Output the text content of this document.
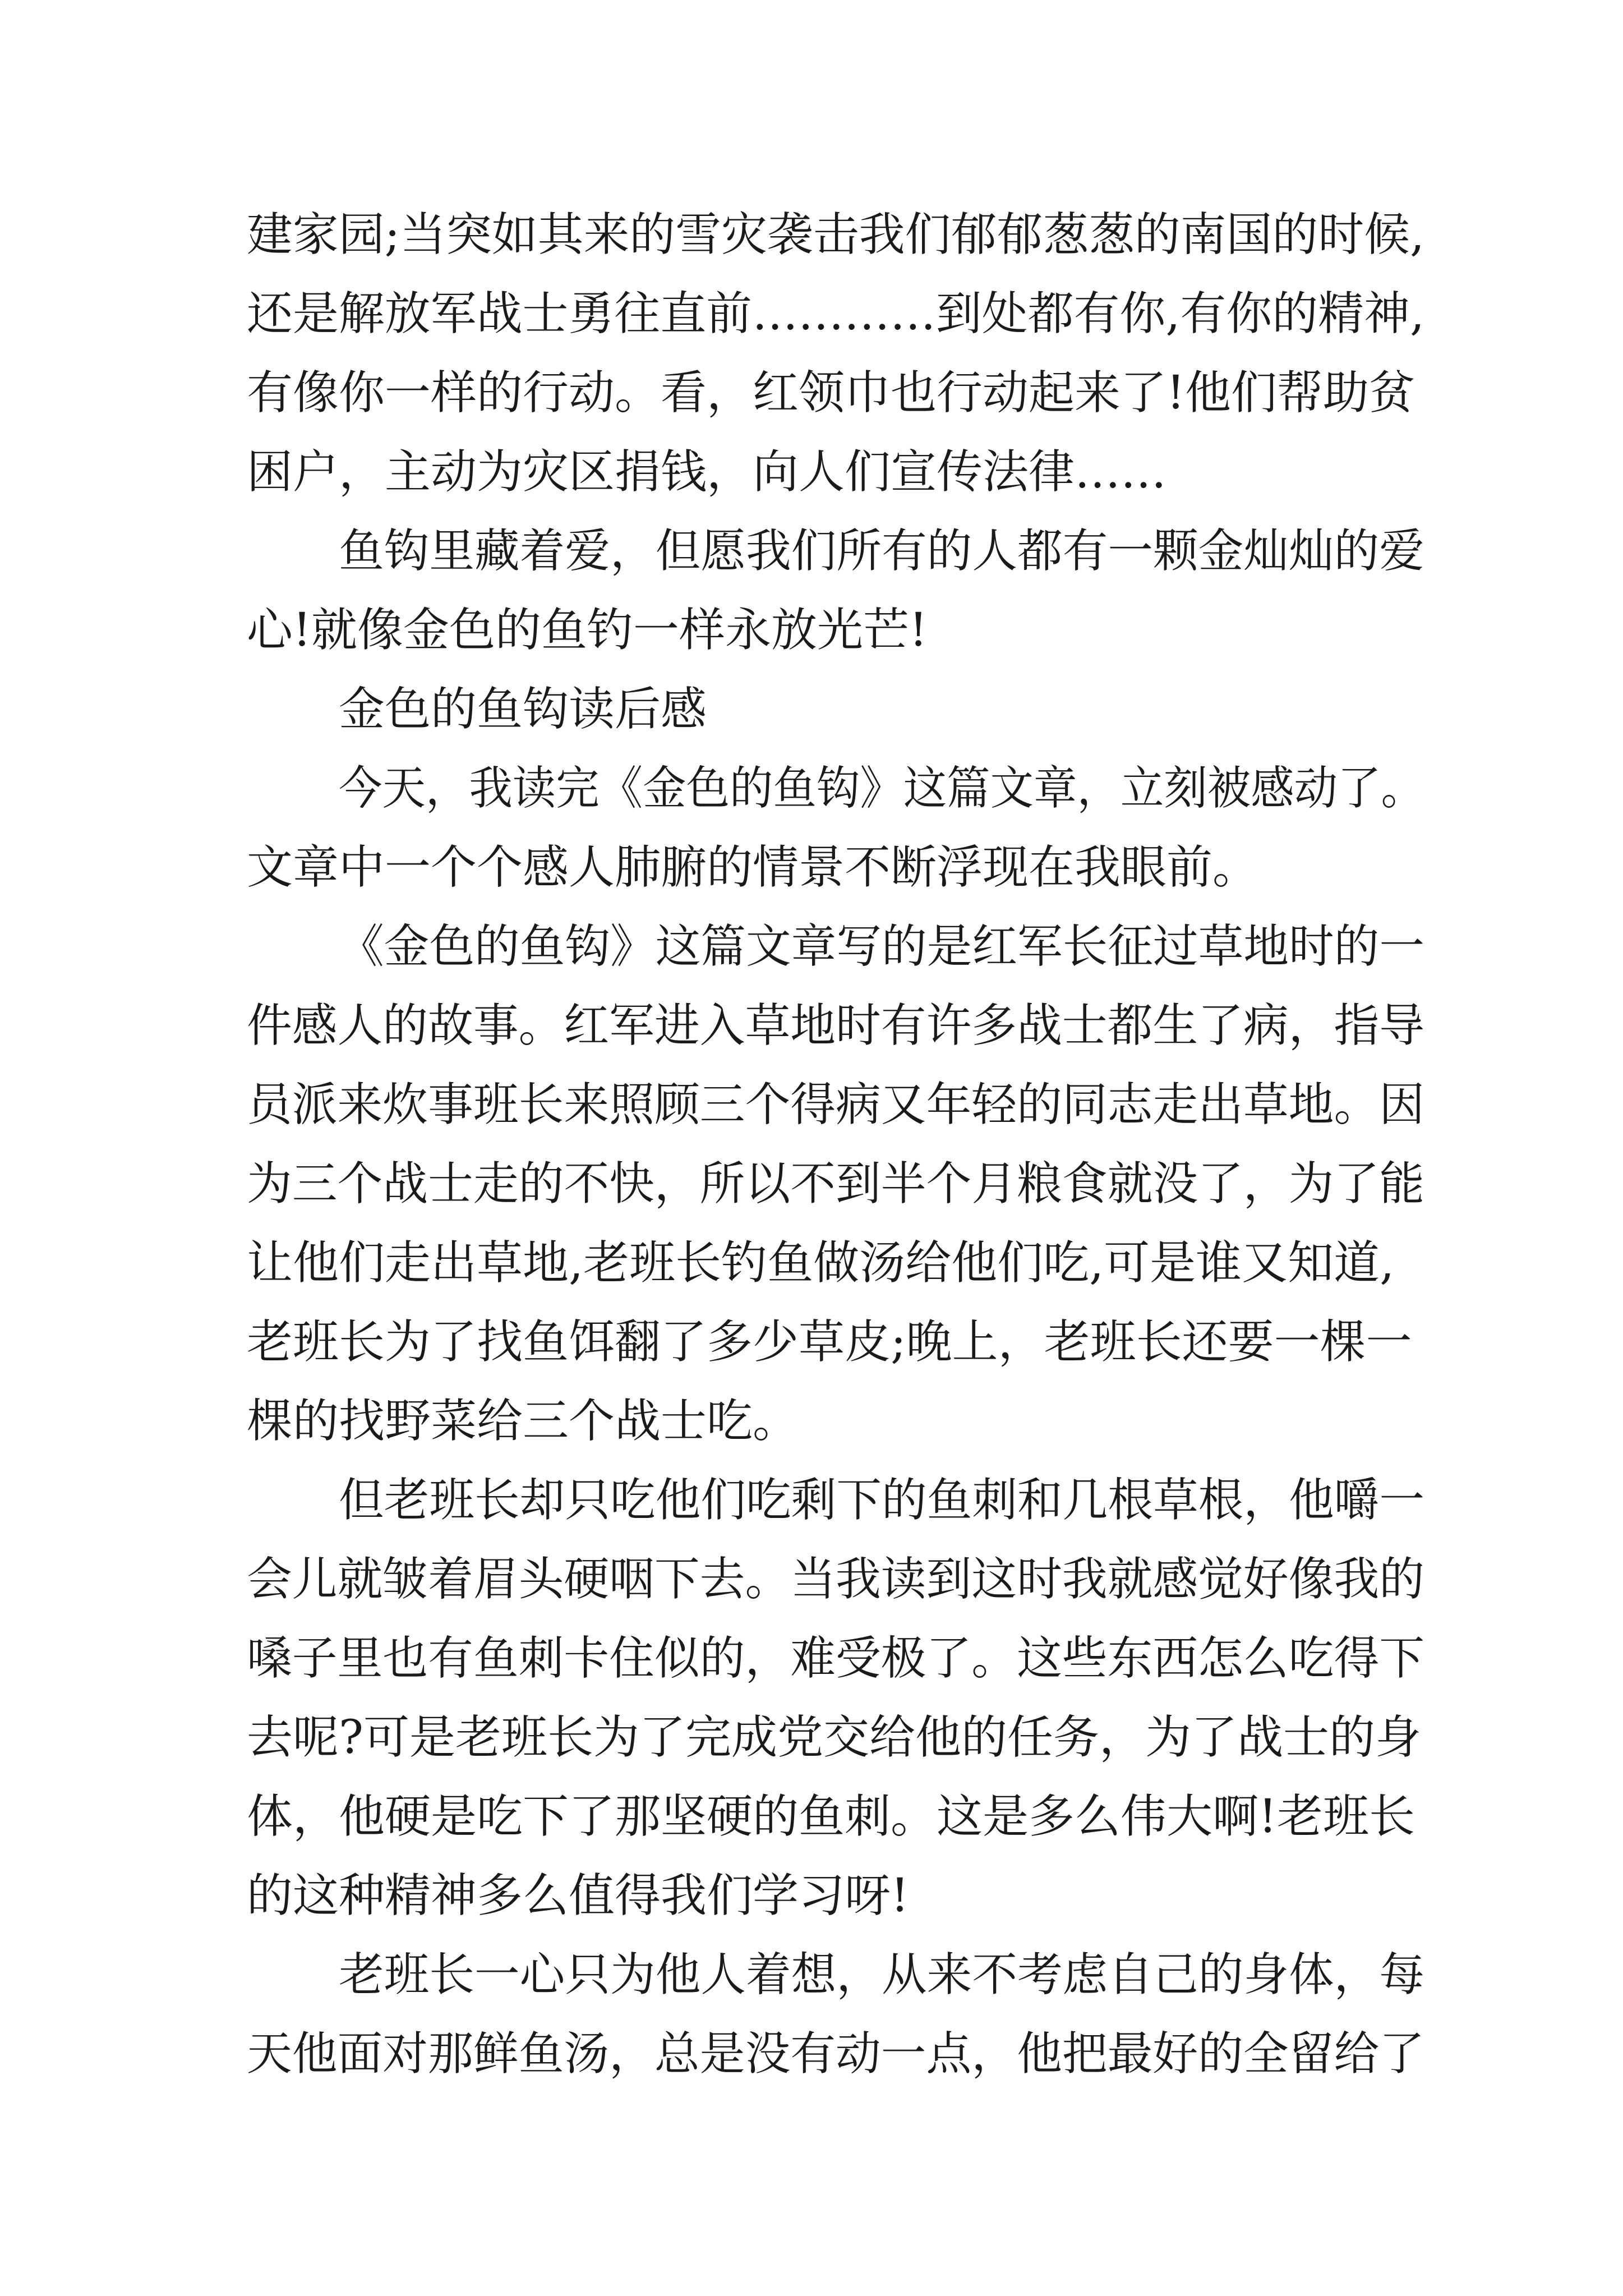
建家园;当突如其来的雪灾袭击我们郁郁葱葱的南国的时候,
还是解放军战士勇往直前…………到处都有你,有你的精神,
有像你一样的行动。看，红领巾也行动起来了!他们帮助贫
困户，主动为灾区捐钱，向人们宣传法律……
鱼钩里藏着爱，但愿我们所有的人都有一颗金灿灿的爱
心!就像金色的鱼钓一样永放光芒!
金色的鱼钩读后感
今天，我读完《金色的鱼钩》这篇文章，立刻被感动了。
文章中一个个感人肺腑的情景不断浮现在我眼前。
《金色的鱼钩》这篇文章写的是红军长征过草地时的一
件感人的故事。红军进入草地时有许多战士都生了病，指导
员派来炊事班长来照顾三个得病又年轻的同志走出草地。因
为三个战士走的不快，所以不到半个月粮食就没了，为了能
让他们走出草地,老班长钓鱼做汤给他们吃,可是谁又知道,
老班长为了找鱼饵翻了多少草皮;晚上，老班长还要一棵一
棵的找野菜给三个战士吃。
但老班长却只吃他们吃剩下的鱼刺和几根草根，他嚼一
会儿就皱着眉头硬咽下去。当我读到这时我就感觉好像我的
嗓子里也有鱼刺卡住似的，难受极了。这些东西怎么吃得下
去呢?可是老班长为了完成党交给他的任务，为了战士的身
体，他硬是吃下了那坚硬的鱼刺。这是多么伟大啊!老班长
的这种精神多么值得我们学习呀!
老班长一心只为他人着想，从来不考虑自己的身体，每
天他面对那鲜鱼汤，总是没有动一点，他把最好的全留给了
